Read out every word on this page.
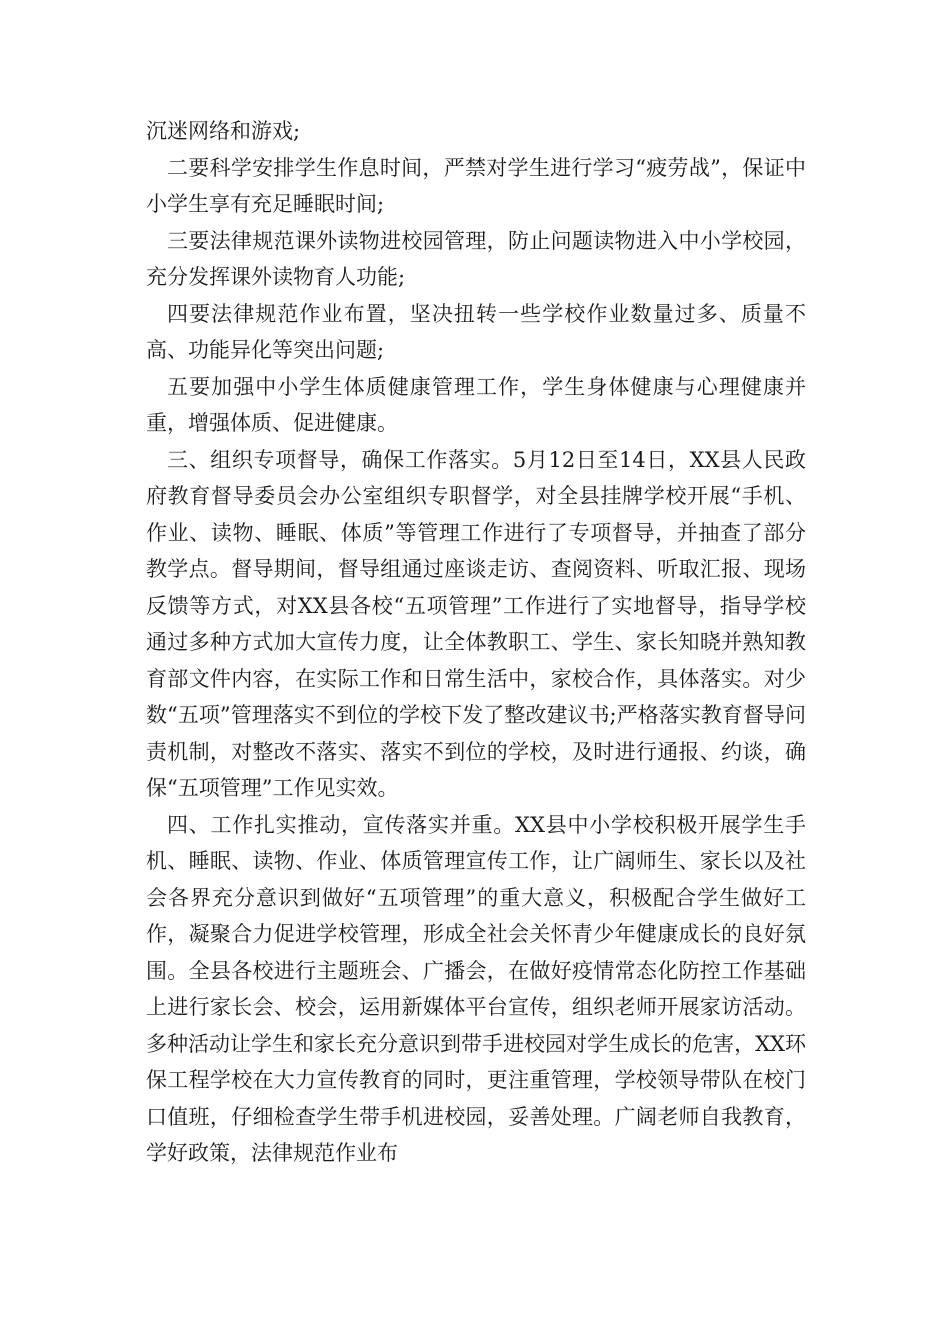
沉迷网络和游戏;

二要科学安排学生作息时间，严禁对学生进行学习“疲劳战”，保证中小学生享有充足睡眠时间;

三要法律规范课外读物进校园管理，防止问题读物进入中小学校园，充分发挥课外读物育人功能;

四要法律规范作业布置，坚决扭转一些学校作业数量过多、质量不高、功能异化等突出问题;

五要加强中小学生体质健康管理工作，学生身体健康与心理健康并重，增强体质、促进健康。

三、组织专项督导，确保工作落实。5月12日至14日，XX县人民政府教育督导委员会办公室组织专职督学，对全县挂牌学校开展“手机、作业、读物、睡眠、体质”等管理工作进行了专项督导，并抽查了部分教学点。督导期间，督导组通过座谈走访、查阅资料、听取汇报、现场反馈等方式，对XX县各校“五项管理”工作进行了实地督导，指导学校通过多种方式加大宣传力度，让全体教职工、学生、家长知晓并熟知教育部文件内容，在实际工作和日常生活中，家校合作，具体落实。对少数“五项”管理落实不到位的学校下发了整改建议书;严格落实教育督导问责机制，对整改不落实、落实不到位的学校，及时进行通报、约谈，确保“五项管理”工作见实效。

四、工作扎实推动，宣传落实并重。XX县中小学校积极开展学生手机、睡眠、读物、作业、体质管理宣传工作，让广阔师生、家长以及社会各界充分意识到做好“五项管理”的重大意义，积极配合学生做好工作，凝聚合力促进学校管理，形成全社会关怀青少年健康成长的良好氛围。全县各校进行主题班会、广播会，在做好疫情常态化防控工作基础上进行家长会、校会，运用新媒体平台宣传，组织老师开展家访活动。多种活动让学生和家长充分意识到带手进校园对学生成长的危害，XX环保工程学校在大力宣传教育的同时，更注重管理，学校领导带队在校门口值班，仔细检查学生带手机进校园，妥善处理。广阔老师自我教育，学好政策，法律规范作业布
